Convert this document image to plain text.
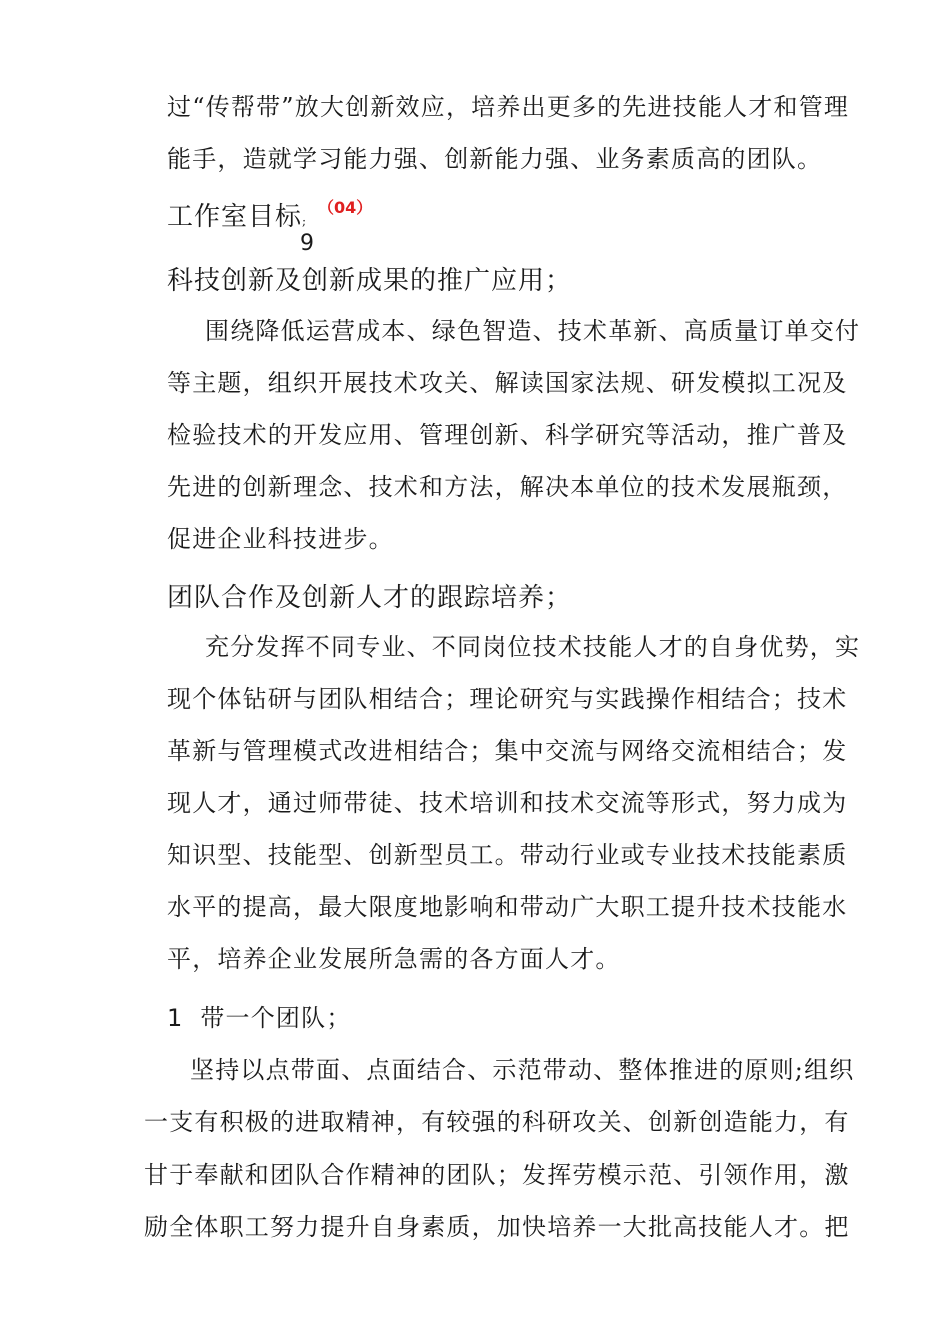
过“传帮带”放大创新效应，培养出更多的先进技能人才和管理
能手，造就学习能力强、创新能力强、业务素质高的团队。
工作室目标;
（04）
9
科技创新及创新成果的推广应用；
围绕降低运营成本、绿色智造、技术革新、高质量订单交付
等主题，组织开展技术攻关、解读国家法规、研发模拟工况及
检验技术的开发应用、管理创新、科学研究等活动，推广普及
先进的创新理念、技术和方法，解决本单位的技术发展瓶颈，
促进企业科技进步。
团队合作及创新人才的跟踪培养；
充分发挥不同专业、不同岗位技术技能人才的自身优势，实
现个体钻研与团队相结合；理论研究与实践操作相结合；技术
革新与管理模式改进相结合；集中交流与网络交流相结合；发
现人才，通过师带徒、技术培训和技术交流等形式，努力成为
知识型、技能型、创新型员工。带动行业或专业技术技能素质
水平的提高，最大限度地影响和带动广大职工提升技术技能水
平，培养企业发展所急需的各方面人才。
1 带一个团队；
坚持以点带面、点面结合、示范带动、整体推进的原则;组织
一支有积极的进取精神，有较强的科研攻关、创新创造能力，有
甘于奉献和团队合作精神的团队；发挥劳模示范、引领作用，激
励全体职工努力提升自身素质，加快培养一大批高技能人才。把
